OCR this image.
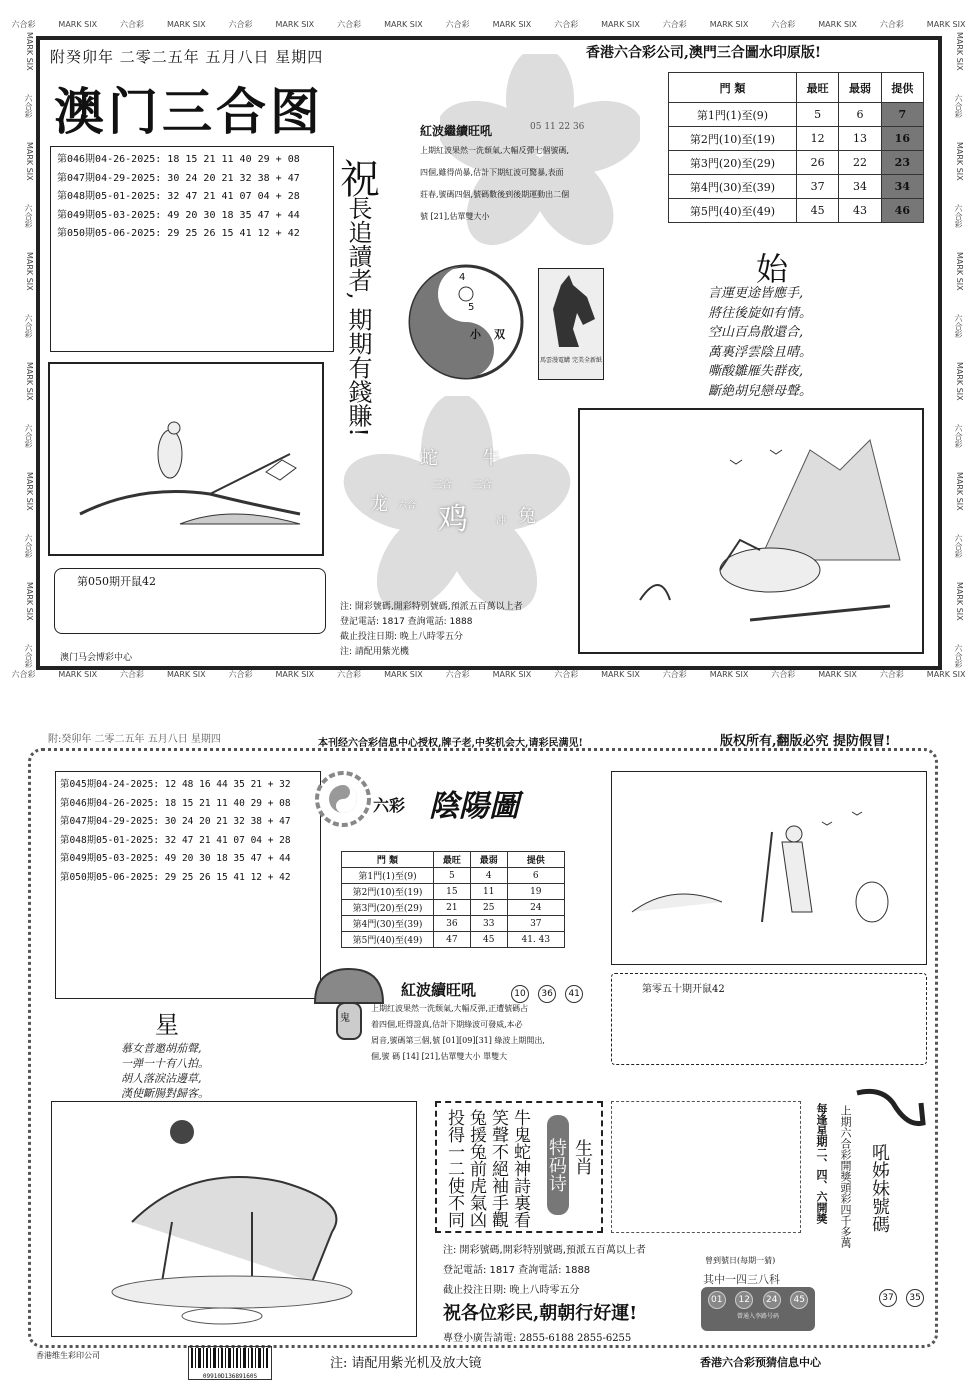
六合彩	MARK SIX	六合彩	MARK SIX	六合彩	MARK SIX	六合彩	MARK SIX	六合彩	MARK SIX	六合彩	MARK SIX	六合彩	MARK SIX	六合彩	MARK SIX	六合彩	MARK SIX
六合彩	MARK SIX	六合彩	MARK SIX	六合彩	MARK SIX	六合彩	MARK SIX	六合彩	MARK SIX	六合彩	MARK SIX	六合彩	MARK SIX	六合彩	MARK SIX	六合彩	MARK SIX
MARK SIX
六合彩
MARK SIX
六合彩
MARK SIX
六合彩
MARK SIX
六合彩
MARK SIX
六合彩
MARK SIX
六合彩
MARK SIX
六合彩
MARK SIX
六合彩
MARK SIX
六合彩
MARK SIX
六合彩
MARK SIX
六合彩
MARK SIX
六合彩
附癸卯年 二零二五年 五月八日 星期四	香港六合彩公司,澳門三合圖水印原版!
澳门三合图
第046期04-26-2025: 18 15 21 11 40 29 + 08
第047期04-29-2025: 30 24 20 21 32 38 + 47
第048期05-01-2025: 32 47 21 41 07 04 + 28
第049期05-03-2025: 49 20 30 18 35 47 + 44
第050期05-06-2025: 29 25 26 15 41 12 + 42
祝
長追讀者, 期期有錢賺!
紅波繼續旺吼	05 11 22 36
上期紅波果然一洗頹氣,大幅反彈七個號碼,
四個,雖得尚暴,估計下期紅波可驚暴,表面
莊春,號碼四個,號碼數後到後期運動出二個
號 [21],估單雙大小
4
5
小 双
馬雲漫電購 完美全新紙
蛇 牛
三合 三合
龙 六合 鸡	冲 兔
門 類	最旺	最弱	提供
第1門(1)至(9)	5	6	7
第2門(10)至(19)	12	13	16
第3門(20)至(29)	26	22	23
第4門(30)至(39)	37	34	34
第5門(40)至(49)	45	43	46
始
言運更途皆應手,
將往後旋如有情。
空山百鳥散還合,
萬裏浮雲陰且晴。
嘶酸雛雁失群夜,
斷絶胡兒戀母聲。
第050期开鼠42
澳门马会博彩中心
注: 開彩號碼,開彩特别號碼,預派五百萬以上者
登記電話: 1817 查詢電話: 1888
截止投注日期: 晚上八時零五分
注: 請配用紫光機
附:癸卯年 二零二五年 五月八日 星期四	本刊经六合彩信息中心授权,牌子老,中奖机会大,请彩民满见!	版权所有,翻版必究 提防假冒!
第045期04-24-2025: 12 48 16 44 35 21 + 32
第046期04-26-2025: 18 15 21 11 40 29 + 08
第047期04-29-2025: 30 24 20 21 32 38 + 47
第048期05-01-2025: 32 47 21 41 07 04 + 28
第049期05-03-2025: 49 20 30 18 35 47 + 44
第050期05-06-2025: 29 25 26 15 41 12 + 42
六彩 陰陽圖
門 類	最旺	最弱	提供
第1門(1)至(9)	5	4	6
第2門(10)至(19)	15	11	19
第3門(20)至(29)	21	25	24
第4門(30)至(39)	36	33	37
第5門(40)至(49)	47	45	41. 43
第零五十期开鼠42
鬼
紅波續旺吼	10 36 41
上期红波果然一洗颓氣,大幅反弹,正遭號碼占
着四個,旺得證真,估計下期綠波可發威,本必
屑音,號碼第三個,號 [01][09][31] 綠波上期開出,
個,號 碼 [14] [21],估單雙大小 單雙大
星
慕女普邀胡茄聲,
一弹一十有八拍。
胡人落淚沾邊草,
漢使斷腸對歸客。
牛鬼蛇神詩裏看 笑聲不絕袖手觀 兔援兔前虎氣凶 投得一二使不同	特码诗 生肖	每逢星期二、四、六開獎 上期六合彩開獎頭彩四千多萬 吼姊妹號碼
37 35
注: 開彩號碼,開彩特别號碼,預派五百萬以上者
登記電話: 1817 查詢電話: 1888
截止投注日期: 晚上八時零五分
祝各位彩民,朝朝行好運!
專登小廣告請電: 2855-6188 2855-6255
曾到號日(每期一猜)
其中一四三八科
01	12	24	45
曾通入李路号码
香港维生彩印公司
09910D13689160S
注: 请配用紫光机及放大镜	香港六合彩预猜信息中心
